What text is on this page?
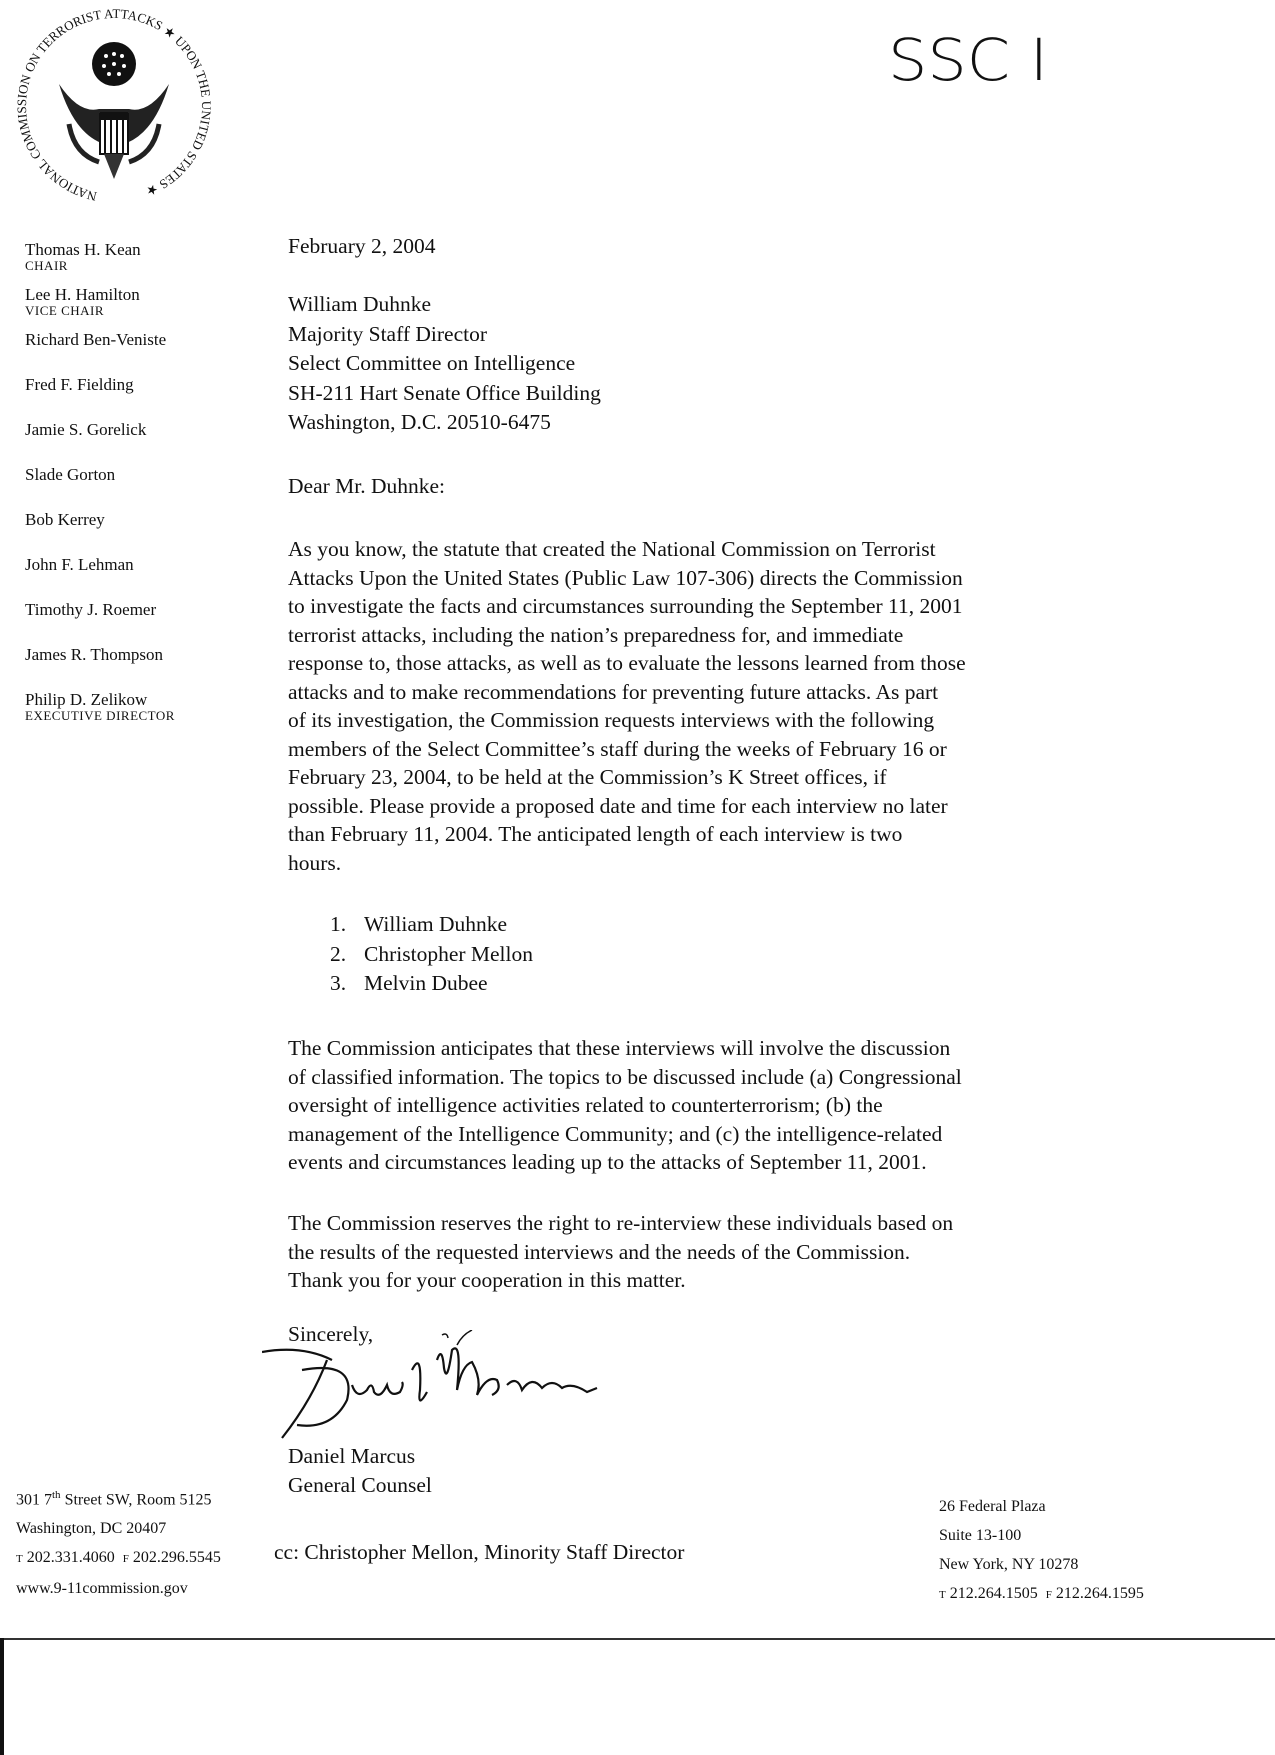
NATIONAL COMMISSION ON TERRORIST ATTACKS ★ UPON THE UNITED STATES ★
SSC I
Thomas H. Kean
CHAIR
Lee H. Hamilton
VICE CHAIR
Richard Ben-Veniste
Fred F. Fielding
Jamie S. Gorelick
Slade Gorton
Bob Kerrey
John F. Lehman
Timothy J. Roemer
James R. Thompson
Philip D. Zelikow
EXECUTIVE DIRECTOR
February 2, 2004
William Duhnke
Majority Staff Director
Select Committee on Intelligence
SH-211 Hart Senate Office Building
Washington, D.C. 20510-6475
Dear Mr. Duhnke:
As you know, the statute that created the National Commission on Terrorist
Attacks Upon the United States (Public Law 107-306) directs the Commission
to investigate the facts and circumstances surrounding the September 11, 2001
terrorist attacks, including the nation’s preparedness for, and immediate
response to, those attacks, as well as to evaluate the lessons learned from those
attacks and to make recommendations for preventing future attacks. As part
of its investigation, the Commission requests interviews with the following
members of the Select Committee’s staff during the weeks of February 16 or
February 23, 2004, to be held at the Commission’s K Street offices, if
possible. Please provide a proposed date and time for each interview no later
than February 11, 2004. The anticipated length of each interview is two
hours.
1. William Duhnke
2. Christopher Mellon
3. Melvin Dubee
The Commission anticipates that these interviews will involve the discussion
of classified information. The topics to be discussed include (a) Congressional
oversight of intelligence activities related to counterterrorism; (b) the
management of the Intelligence Community; and (c) the intelligence-related
events and circumstances leading up to the attacks of September 11, 2001.
The Commission reserves the right to re-interview these individuals based on
the results of the requested interviews and the needs of the Commission.
Thank you for your cooperation in this matter.
Sincerely,
Daniel Marcus
General Counsel
301 7th Street SW, Room 5125
Washington, DC 20407
T 202.331.4060 F 202.296.5545
www.9-11commission.gov
cc: Christopher Mellon, Minority Staff Director
26 Federal Plaza
Suite 13-100
New York, NY 10278
T 212.264.1505 F 212.264.1595
